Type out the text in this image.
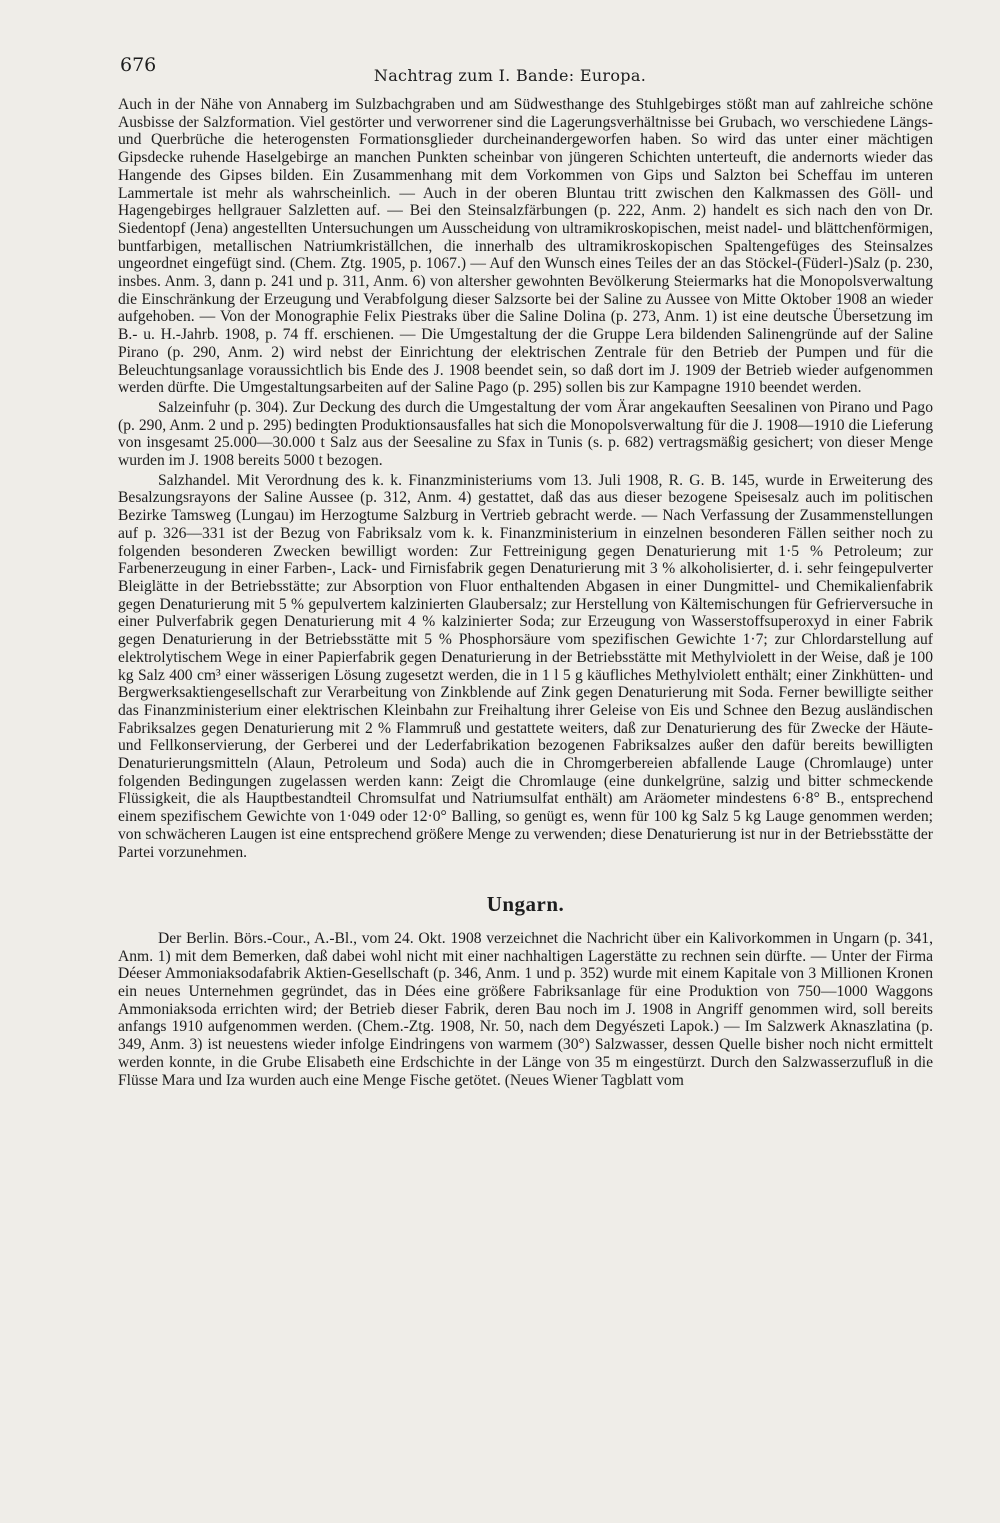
676	Nachtrag zum I. Bande: Europa.

Auch in der Nähe von Annaberg im Sulzbachgraben und am Südwesthange des Stuhlgebirges stößt man auf zahlreiche schöne Ausbisse der Salzformation. Viel gestörter und verworrener sind die Lagerungsverhältnisse bei Grubach, wo verschiedene Längs- und Querbrüche die heterogensten Formationsglieder durcheinandergeworfen haben. So wird das unter einer mächtigen Gipsdecke ruhende Haselgebirge an manchen Punkten scheinbar von jüngeren Schichten unterteuft, die andernorts wieder das Hangende des Gipses bilden. Ein Zusammenhang mit dem Vorkommen von Gips und Salzton bei Scheffau im unteren Lammertale ist mehr als wahrscheinlich. — Auch in der oberen Bluntau tritt zwischen den Kalkmassen des Göll- und Hagengebirges hellgrauer Salzletten auf. — Bei den Steinsalzfärbungen (p. 222, Anm. 2) handelt es sich nach den von Dr. Siedentopf (Jena) angestellten Untersuchungen um Ausscheidung von ultramikroskopischen, meist nadel- und blättchenförmigen, buntfarbigen, metallischen Natriumkriställchen, die innerhalb des ultramikroskopischen Spaltengefüges des Steinsalzes ungeordnet eingefügt sind. (Chem. Ztg. 1905, p. 1067.) — Auf den Wunsch eines Teiles der an das Stöckel-(Füderl-)Salz (p. 230, insbes. Anm. 3, dann p. 241 und p. 311, Anm. 6) von altersher gewohnten Bevölkerung Steiermarks hat die Monopolsverwaltung die Einschränkung der Erzeugung und Verabfolgung dieser Salzsorte bei der Saline zu Aussee von Mitte Oktober 1908 an wieder aufgehoben. — Von der Monographie Felix Piestraks über die Saline Dolina (p. 273, Anm. 1) ist eine deutsche Übersetzung im B.- u. H.-Jahrb. 1908, p. 74 ff. erschienen. — Die Umgestaltung der die Gruppe Lera bildenden Salinengründe auf der Saline Pirano (p. 290, Anm. 2) wird nebst der Einrichtung der elektrischen Zentrale für den Betrieb der Pumpen und für die Beleuchtungsanlage voraussichtlich bis Ende des J. 1908 beendet sein, so daß dort im J. 1909 der Betrieb wieder aufgenommen werden dürfte. Die Umgestaltungsarbeiten auf der Saline Pago (p. 295) sollen bis zur Kampagne 1910 beendet werden.

Salzeinfuhr (p. 304). Zur Deckung des durch die Umgestaltung der vom Ärar angekauften Seesalinen von Pirano und Pago (p. 290, Anm. 2 und p. 295) bedingten Produktionsausfalles hat sich die Monopolsverwaltung für die J. 1908—1910 die Lieferung von insgesamt 25.000—30.000 t Salz aus der Seesaline zu Sfax in Tunis (s. p. 682) vertragsmäßig gesichert; von dieser Menge wurden im J. 1908 bereits 5000 t bezogen.

Salzhandel. Mit Verordnung des k. k. Finanzministeriums vom 13. Juli 1908, R. G. B. 145, wurde in Erweiterung des Besalzungsrayons der Saline Aussee (p. 312, Anm. 4) gestattet, daß das aus dieser bezogene Speisesalz auch im politischen Bezirke Tamsweg (Lungau) im Herzogtume Salzburg in Vertrieb gebracht werde. — Nach Verfassung der Zusammenstellungen auf p. 326—331 ist der Bezug von Fabriksalz vom k. k. Finanzministerium in einzelnen besonderen Fällen seither noch zu folgenden besonderen Zwecken bewilligt worden: Zur Fettreinigung gegen Denaturierung mit 1·5 % Petroleum; zur Farbenerzeugung in einer Farben-, Lack- und Firnisfabrik gegen Denaturierung mit 3 % alkoholisierter, d. i. sehr feingepulverter Bleiglätte in der Betriebsstätte; zur Absorption von Fluor enthaltenden Abgasen in einer Dungmittel- und Chemikalienfabrik gegen Denaturierung mit 5 % gepulvertem kalzinierten Glaubersalz; zur Herstellung von Kältemischungen für Gefrierversuche in einer Pulverfabrik gegen Denaturierung mit 4 % kalzinierter Soda; zur Erzeugung von Wasserstoffsuperoxyd in einer Fabrik gegen Denaturierung in der Betriebsstätte mit 5 % Phosphorsäure vom spezifischen Gewichte 1·7; zur Chlordarstellung auf elektrolytischem Wege in einer Papierfabrik gegen Denaturierung in der Betriebsstätte mit Methylviolett in der Weise, daß je 100 kg Salz 400 cm³ einer wässerigen Lösung zugesetzt werden, die in 1 l 5 g käufliches Methylviolett enthält; einer Zinkhütten- und Bergwerksaktiengesellschaft zur Verarbeitung von Zinkblende auf Zink gegen Denaturierung mit Soda. Ferner bewilligte seither das Finanzministerium einer elektrischen Kleinbahn zur Freihaltung ihrer Geleise von Eis und Schnee den Bezug ausländischen Fabriksalzes gegen Denaturierung mit 2 % Flammruß und gestattete weiters, daß zur Denaturierung des für Zwecke der Häute- und Fellkonservierung, der Gerberei und der Lederfabrikation bezogenen Fabriksalzes außer den dafür bereits bewilligten Denaturierungsmitteln (Alaun, Petroleum und Soda) auch die in Chromgerbereien abfallende Lauge (Chromlauge) unter folgenden Bedingungen zugelassen werden kann: Zeigt die Chromlauge (eine dunkelgrüne, salzig und bitter schmeckende Flüssigkeit, die als Hauptbestandteil Chromsulfat und Natriumsulfat enthält) am Aräometer mindestens 6·8° B., entsprechend einem spezifischem Gewichte von 1·049 oder 12·0° Balling, so genügt es, wenn für 100 kg Salz 5 kg Lauge genommen werden; von schwächeren Laugen ist eine entsprechend größere Menge zu verwenden; diese Denaturierung ist nur in der Betriebsstätte der Partei vorzunehmen.

Ungarn.

Der Berlin. Börs.-Cour., A.-Bl., vom 24. Okt. 1908 verzeichnet die Nachricht über ein Kalivorkommen in Ungarn (p. 341, Anm. 1) mit dem Bemerken, daß dabei wohl nicht mit einer nachhaltigen Lagerstätte zu rechnen sein dürfte. — Unter der Firma Déeser Ammoniaksodafabrik Aktien-Gesellschaft (p. 346, Anm. 1 und p. 352) wurde mit einem Kapitale von 3 Millionen Kronen ein neues Unternehmen gegründet, das in Dées eine größere Fabriksanlage für eine Produktion von 750—1000 Waggons Ammoniaksoda errichten wird; der Betrieb dieser Fabrik, deren Bau noch im J. 1908 in Angriff genommen wird, soll bereits anfangs 1910 aufgenommen werden. (Chem.-Ztg. 1908, Nr. 50, nach dem Degyészeti Lapok.) — Im Salzwerk Aknaszlatina (p. 349, Anm. 3) ist neuestens wieder infolge Eindringens von warmem (30°) Salzwasser, dessen Quelle bisher noch nicht ermittelt werden konnte, in die Grube Elisabeth eine Erdschichte in der Länge von 35 m eingestürzt. Durch den Salzwasserzufluß in die Flüsse Mara und Iza wurden auch eine Menge Fische getötet. (Neues Wiener Tagblatt vom
